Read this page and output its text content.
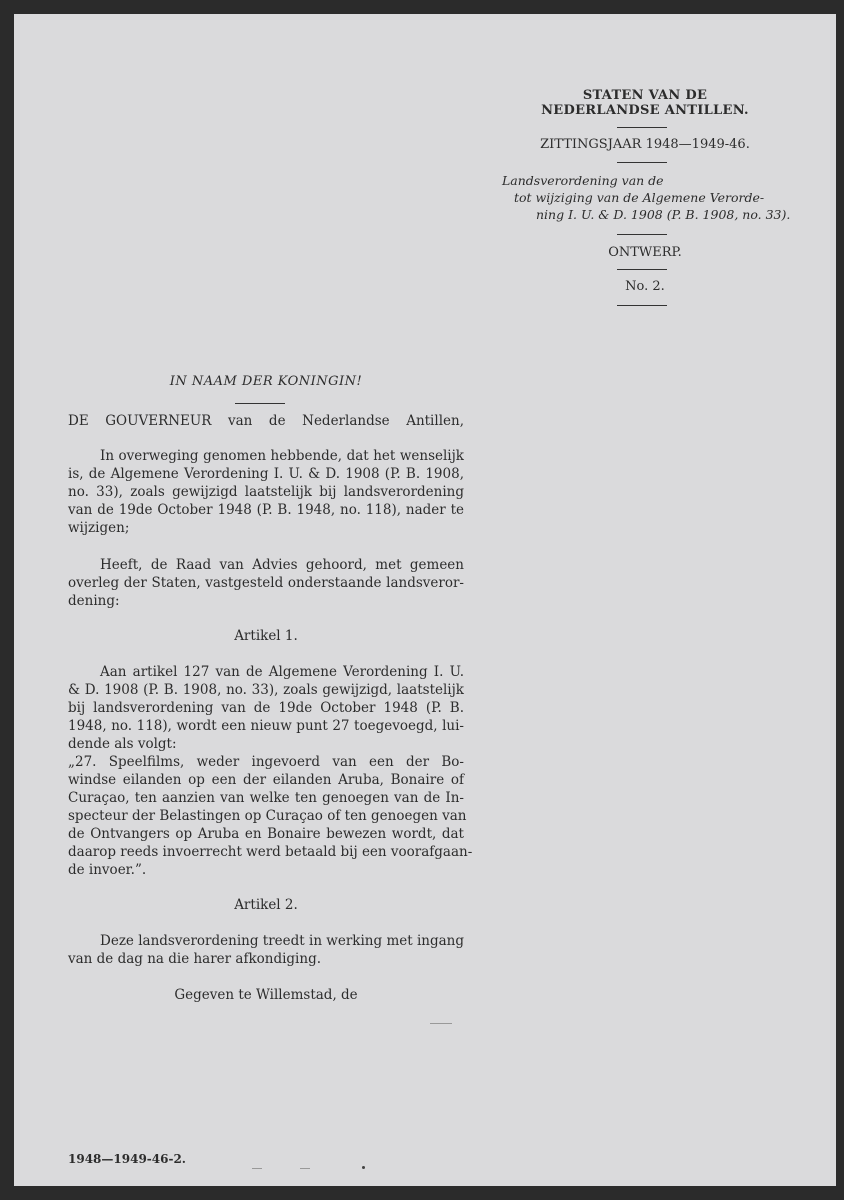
STATEN VAN DE
NEDERLANDSE ANTILLEN.
ZITTINGSJAAR 1948—1949-46.
Landsverordening van de
tot wijziging van de Algemene Verorde-
ning I. U. & D. 1908 (P. B. 1908, no. 33).
ONTWERP.
No. 2.
IN NAAM DER KONINGIN!
DE GOUVERNEUR van de Nederlandse Antillen,
In overweging genomen hebbende, dat het wenselijk
is, de Algemene Verordening I. U. & D. 1908 (P. B. 1908,
no. 33), zoals gewijzigd laatstelijk bij landsverordening
van de 19de October 1948 (P. B. 1948, no. 118), nader te
wijzigen;
Heeft, de Raad van Advies gehoord, met gemeen
overleg der Staten, vastgesteld onderstaande landsveror-
dening:
Artikel 1.
Aan artikel 127 van de Algemene Verordening I. U.
& D. 1908 (P. B. 1908, no. 33), zoals gewijzigd, laatstelijk
bij landsverordening van de 19de October 1948 (P. B.
1948, no. 118), wordt een nieuw punt 27 toegevoegd, lui-
dende als volgt:
„27. Speelfilms, weder ingevoerd van een der Bo-
windse eilanden op een der eilanden Aruba, Bonaire of
Curaçao, ten aanzien van welke ten genoegen van de In-
specteur der Belastingen op Curaçao of ten genoegen van
de Ontvangers op Aruba en Bonaire bewezen wordt, dat
daarop reeds invoerrecht werd betaald bij een voorafgaan-
de invoer.”.
Artikel 2.
Deze landsverordening treedt in werking met ingang
van de dag na die harer afkondiging.
Gegeven te Willemstad, de
1948—1949-46-2.
